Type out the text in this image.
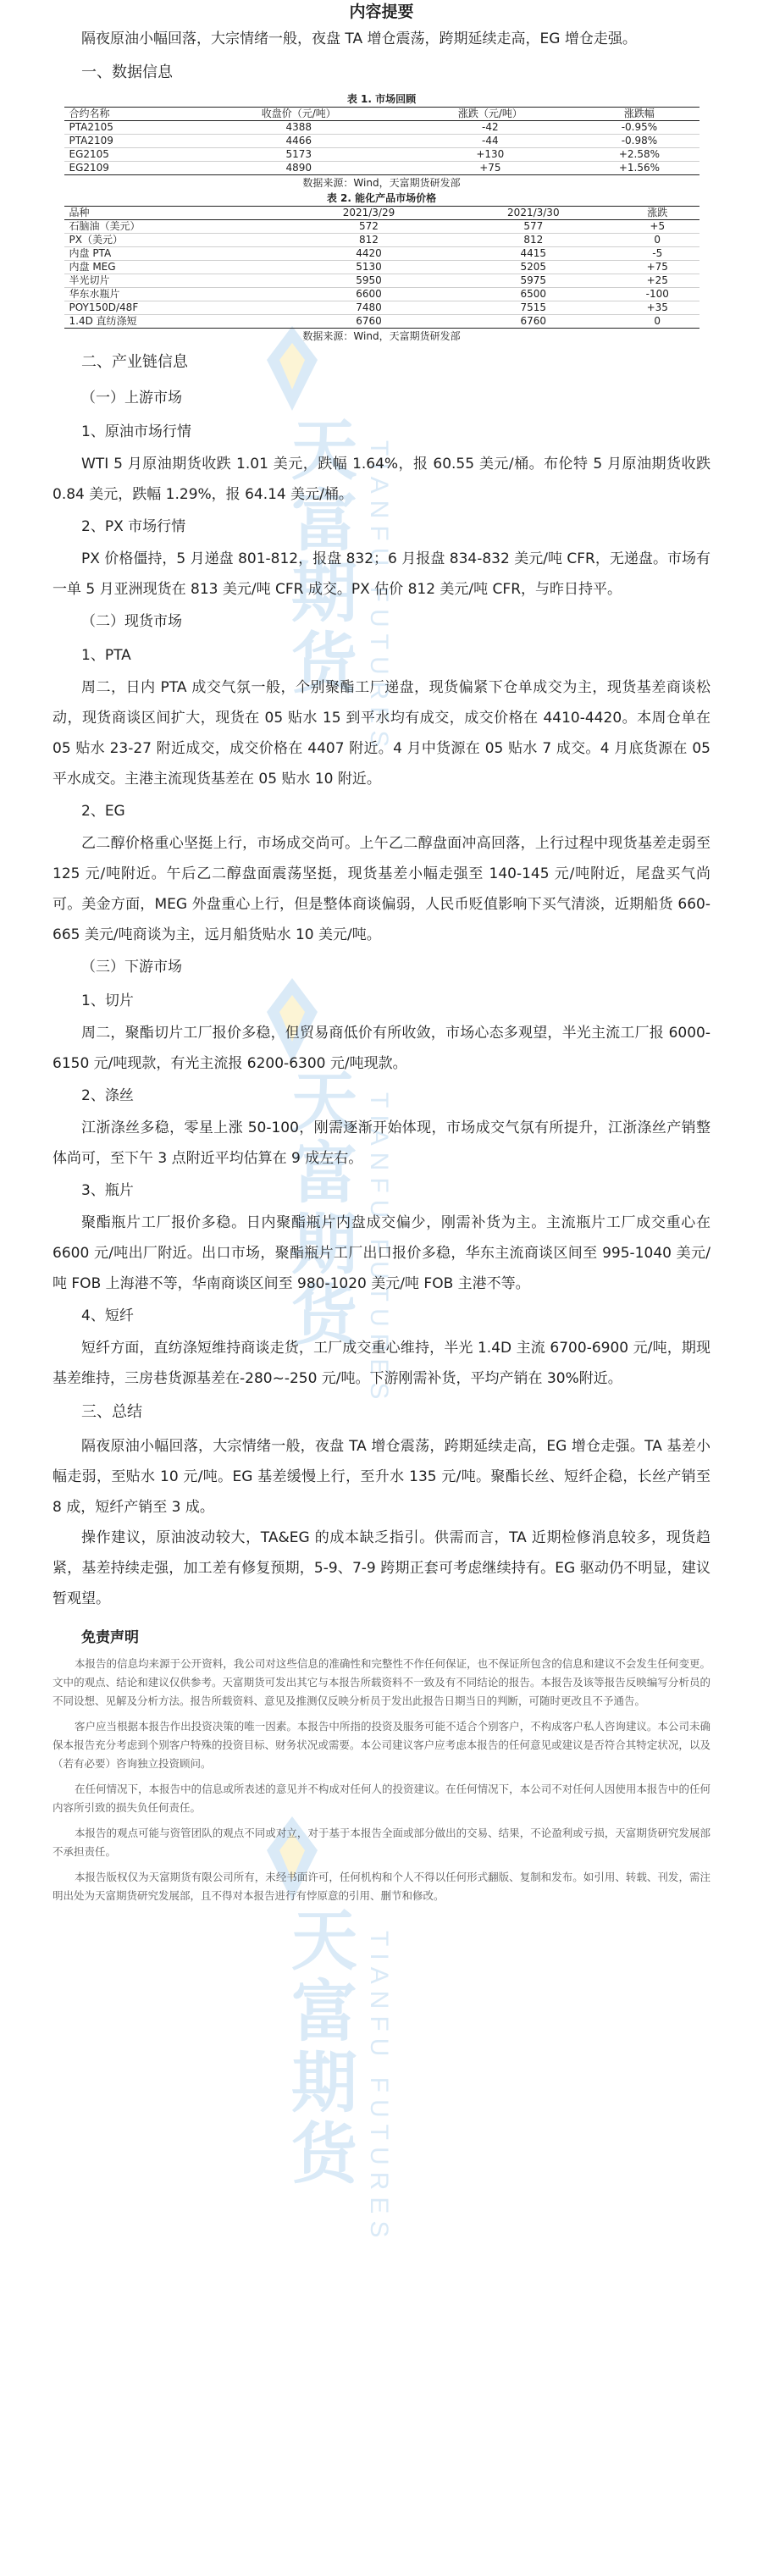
天富期货 TIANFU FUTURES
天富期货 TIANFU FUTURES
天富期货 TIANFU FUTURES
内容提要

隔夜原油小幅回落，大宗情绪一般，夜盘 TA 增仓震荡，跨期延续走高，EG 增仓走强。

一、数据信息
表 1. 市场回顾
合约名称	收盘价（元/吨）	涨跌（元/吨）	涨跌幅
PTA2105	4388	-42	-0.95%
PTA2109	4466	-44	-0.98%
EG2105	5173	+130	+2.58%
EG2109	4890	+75	+1.56%
数据来源：Wind，天富期货研发部
表 2. 能化产品市场价格
品种	2021/3/29	2021/3/30	涨跌
石脑油（美元）	572	577	+5
PX（美元）	812	812	0
内盘 PTA	4420	4415	-5
内盘 MEG	5130	5205	+75
半光切片	5950	5975	+25
华东水瓶片	6600	6500	-100
POY150D/48F	7480	7515	+35
1.4D 直纺涤短	6760	6760	0
数据来源：Wind，天富期货研发部
二、产业链信息
（一）上游市场
1、原油市场行情

WTI 5 月原油期货收跌 1.01 美元，跌幅 1.64%，报 60.55 美元/桶。布伦特 5 月原油期货收跌 0.84 美元，跌幅 1.29%，报 64.14 美元/桶。

2、PX 市场行情

PX 价格僵持，5 月递盘 801-812，报盘 832；6 月报盘 834-832 美元/吨 CFR，无递盘。市场有一单 5 月亚洲现货在 813 美元/吨 CFR 成交。PX 估价 812 美元/吨 CFR，与昨日持平。

（二）现货市场
1、PTA

周二，日内 PTA 成交气氛一般，个别聚酯工厂递盘，现货偏紧下仓单成交为主，现货基差商谈松动，现货商谈区间扩大，现货在 05 贴水 15 到平水均有成交，成交价格在 4410-4420。本周仓单在 05 贴水 23-27 附近成交，成交价格在 4407 附近。4 月中货源在 05 贴水 7 成交。4 月底货源在 05 平水成交。主港主流现货基差在 05 贴水 10 附近。

2、EG

乙二醇价格重心坚挺上行，市场成交尚可。上午乙二醇盘面冲高回落，上行过程中现货基差走弱至 125 元/吨附近。午后乙二醇盘面震荡坚挺，现货基差小幅走强至 140-145 元/吨附近，尾盘买气尚可。美金方面，MEG 外盘重心上行，但是整体商谈偏弱，人民币贬值影响下买气清淡，近期船货 660-665 美元/吨商谈为主，远月船货贴水 10 美元/吨。

（三）下游市场
1、切片

周二，聚酯切片工厂报价多稳，但贸易商低价有所收敛，市场心态多观望，半光主流工厂报 6000-6150 元/吨现款，有光主流报 6200-6300 元/吨现款。

2、涤丝

江浙涤丝多稳，零星上涨 50-100，刚需逐渐开始体现，市场成交气氛有所提升，江浙涤丝产销整体尚可，至下午 3 点附近平均估算在 9 成左右。

3、瓶片

聚酯瓶片工厂报价多稳。日内聚酯瓶片内盘成交偏少，刚需补货为主。主流瓶片工厂成交重心在 6600 元/吨出厂附近。出口市场，聚酯瓶片工厂出口报价多稳，华东主流商谈区间至 995-1040 美元/吨 FOB 上海港不等，华南商谈区间至 980-1020 美元/吨 FOB 主港不等。

4、短纤

短纤方面，直纺涤短维持商谈走货，工厂成交重心维持，半光 1.4D 主流 6700-6900 元/吨，期现基差维持，三房巷货源基差在-280~-250 元/吨。下游刚需补货，平均产销在 30%附近。

三、总结

隔夜原油小幅回落，大宗情绪一般，夜盘 TA 增仓震荡，跨期延续走高，EG 增仓走强。TA 基差小幅走弱，至贴水 10 元/吨。EG 基差缓慢上行，至升水 135 元/吨。聚酯长丝、短纤企稳，长丝产销至 8 成，短纤产销至 3 成。

操作建议，原油波动较大，TA&EG 的成本缺乏指引。供需而言，TA 近期检修消息较多，现货趋紧，基差持续走强，加工差有修复预期，5-9、7-9 跨期正套可考虑继续持有。EG 驱动仍不明显，建议暂观望。

免责声明

本报告的信息均来源于公开资料，我公司对这些信息的准确性和完整性不作任何保证，也不保证所包含的信息和建议不会发生任何变更。文中的观点、结论和建议仅供参考。天富期货可发出其它与本报告所载资料不一致及有不同结论的报告。本报告及该等报告反映编写分析员的不同设想、见解及分析方法。报告所载资料、意见及推测仅反映分析员于发出此报告日期当日的判断，可随时更改且不予通告。

客户应当根据本报告作出投资决策的唯一因素。本报告中所指的投资及服务可能不适合个别客户，不构成客户私人咨询建议。本公司未确保本报告充分考虑到个别客户特殊的投资目标、财务状况或需要。本公司建议客户应考虑本报告的任何意见或建议是否符合其特定状况，以及（若有必要）咨询独立投资顾问。

在任何情况下，本报告中的信息或所表述的意见并不构成对任何人的投资建议。在任何情况下，本公司不对任何人因使用本报告中的任何内容所引致的损失负任何责任。

本报告的观点可能与资管团队的观点不同或对立，对于基于本报告全面或部分做出的交易、结果，不论盈利或亏损，天富期货研究发展部不承担责任。

本报告版权仅为天富期货有限公司所有，未经书面许可，任何机构和个人不得以任何形式翻版、复制和发布。如引用、转载、刊发，需注明出处为天富期货研究发展部，且不得对本报告进行有悖原意的引用、删节和修改。
